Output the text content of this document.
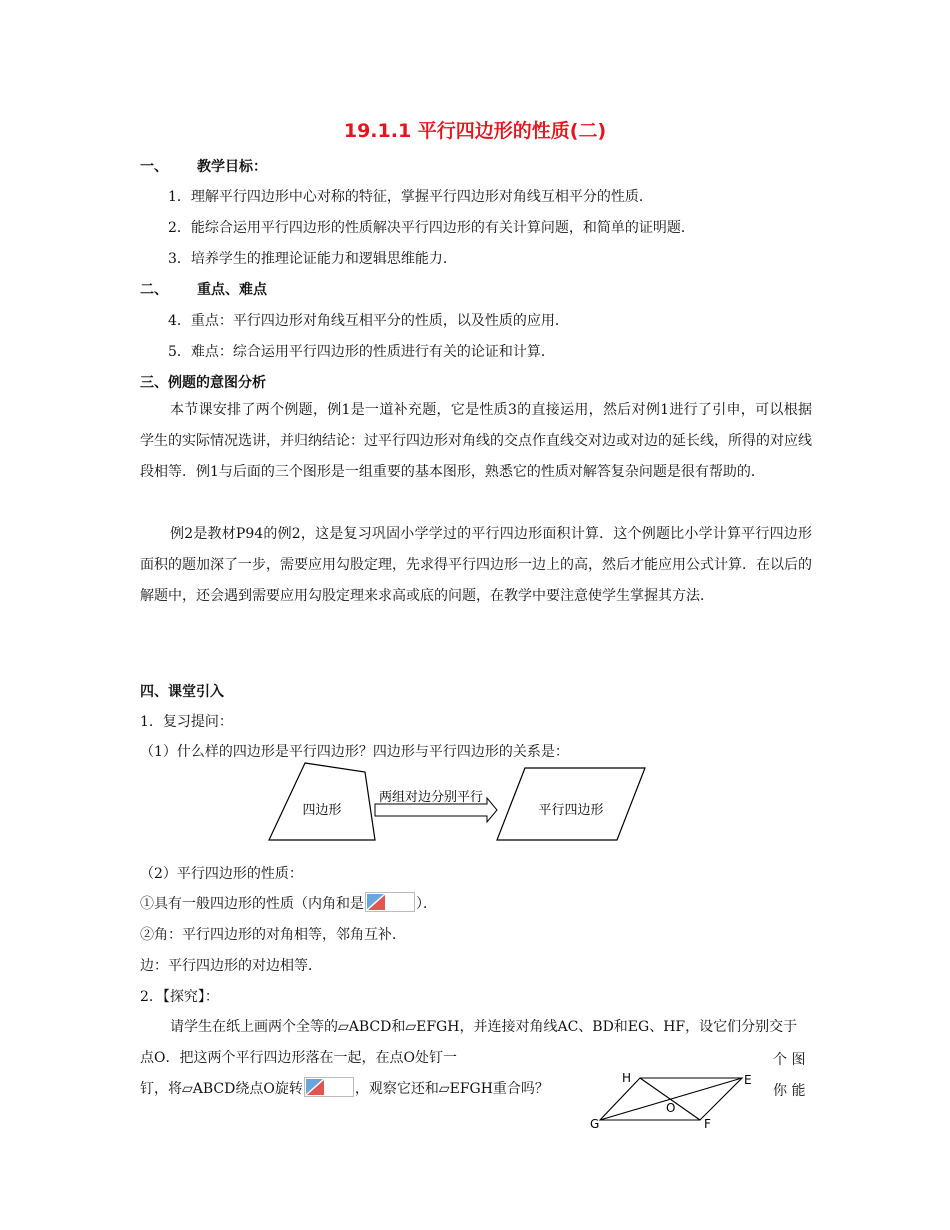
19.1.1 平行四边形的性质(二)
一、 教学目标：
1．理解平行四边形中心对称的特征，掌握平行四边形对角线互相平分的性质．
2．能综合运用平行四边形的性质解决平行四边形的有关计算问题，和简单的证明题．
3．培养学生的推理论证能力和逻辑思维能力．
二、 重点、难点
4．重点：平行四边形对角线互相平分的性质，以及性质的应用．
5．难点：综合运用平行四边形的性质进行有关的论证和计算．
三、例题的意图分析
本节课安排了两个例题，例1是一道补充题，它是性质3的直接运用，然后对例1进行了引申，可以根据学生的实际情况选讲，并归纳结论：过平行四边形对角线的交点作直线交对边或对边的延长线，所得的对应线段相等．例1与后面的三个图形是一组重要的基本图形，熟悉它的性质对解答复杂问题是很有帮助的．
例2是教材P94的例2，这是复习巩固小学学过的平行四边形面积计算．这个例题比小学计算平行四边形面积的题加深了一步，需要应用勾股定理，先求得平行四边形一边上的高，然后才能应用公式计算．在以后的解题中，还会遇到需要应用勾股定理来求高或底的问题，在教学中要注意使学生掌握其方法．
四、课堂引入
1．复习提问：
（1）什么样的四边形是平行四边形？四边形与平行四边形的关系是：
四边形
两组对边分别平行
平行四边形
（2）平行四边形的性质：
①具有一般四边形的性质（内角和是	）．
②角：平行四边形的对角相等，邻角互补．
边：平行四边形的对边相等．
2．【探究】：

请学生在纸上画两个全等的▱ABCD和▱EFGH，并连接对角线AC、BD和EG、HF，设它们分别交于点O．把这两个平行四边形落在一起，在点O处钉一

钉，将▱ABCD绕点O旋转	，观察它还和▱EFGH重合吗？

个 图
你 能
H	E
G	F
O
